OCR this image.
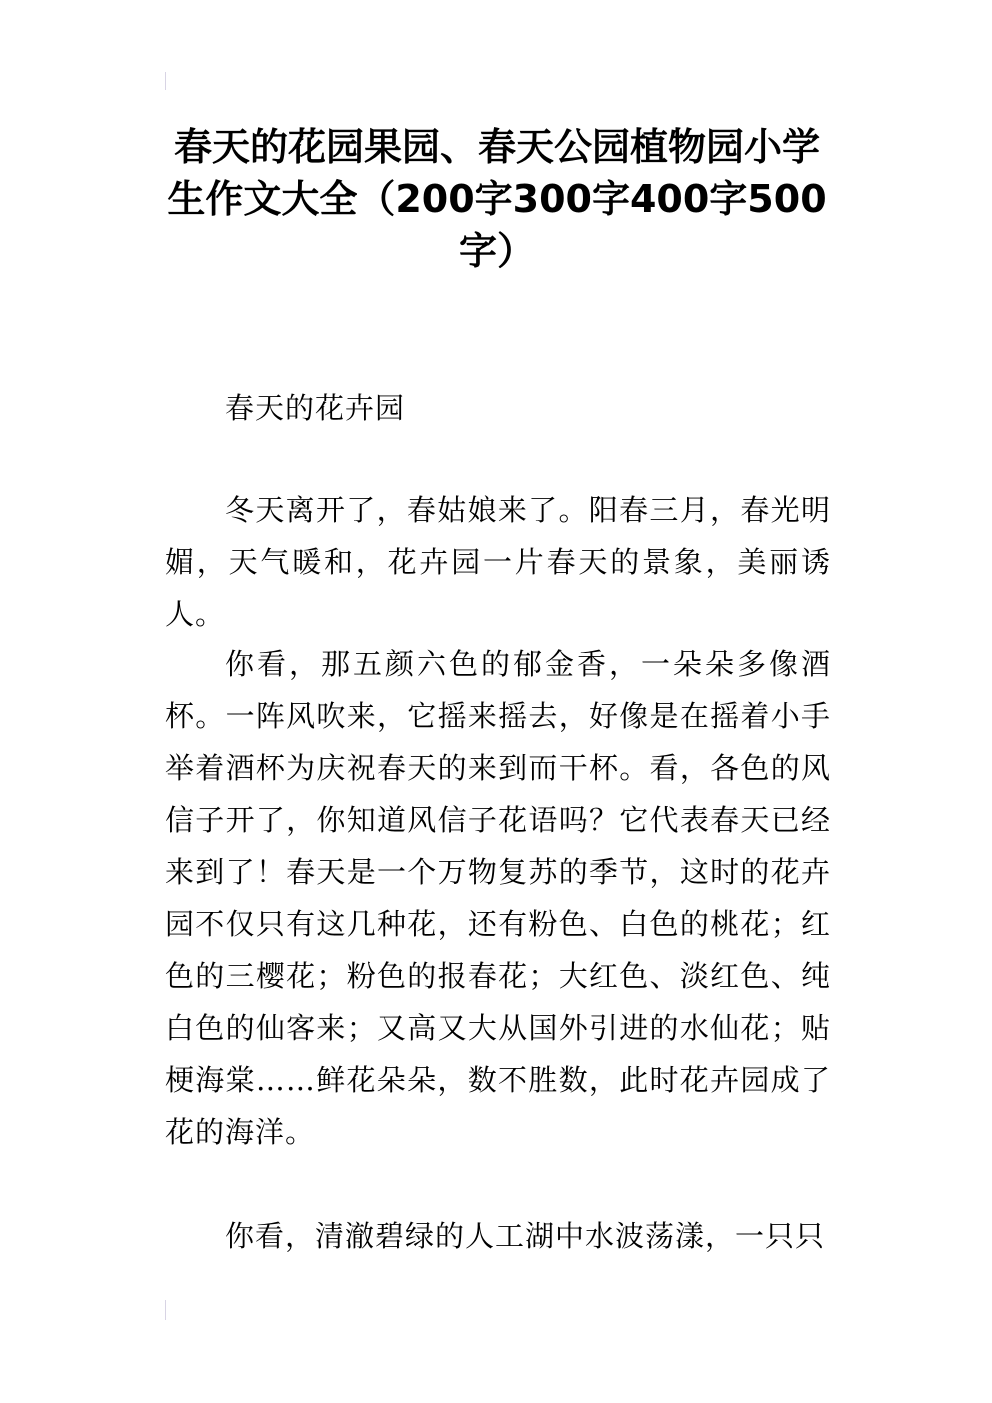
春天的花园果园、春天公园植物园小学生作文大全（200字300字400字500字）

春天的花卉园

冬天离开了，春姑娘来了。阳春三月，春光明媚，天气暖和，花卉园一片春天的景象，美丽诱人。

你看，那五颜六色的郁金香，一朵朵多像酒杯。一阵风吹来，它摇来摇去，好像是在摇着小手举着酒杯为庆祝春天的来到而干杯。看，各色的风信子开了，你知道风信子花语吗？它代表春天已经来到了！春天是一个万物复苏的季节，这时的花卉园不仅只有这几种花，还有粉色、白色的桃花；红色的三樱花；粉色的报春花；大红色、淡红色、纯白色的仙客来；又高又大从国外引进的水仙花；贴梗海棠……鲜花朵朵，数不胜数，此时花卉园成了花的海洋。

你看，清澈碧绿的人工湖中水波荡漾，一只只
